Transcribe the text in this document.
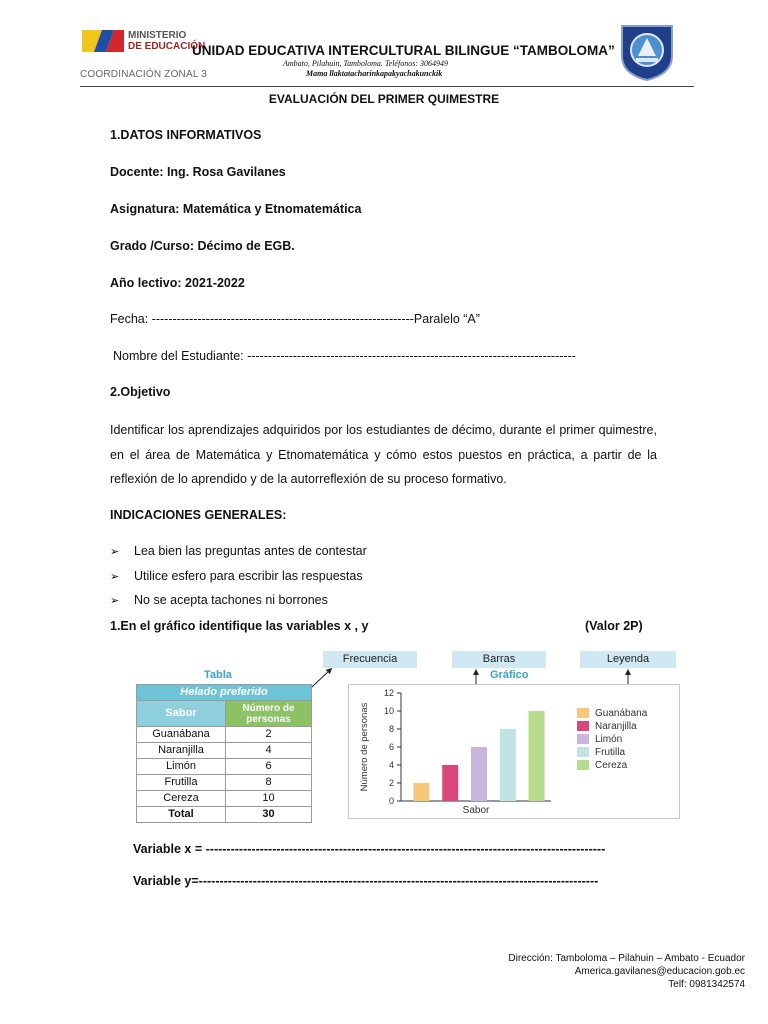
MINISTERIO
DE EDUCACIÓN
COORDINACIÓN ZONAL 3
UNIDAD EDUCATIVA INTERCULTURAL BILINGUE “TAMBOLOMA”
Ambato, Pilahuin, Tamboloma. Teléfonos: 3064949
Mama llaktatacharinkapakyachakunckik
EVALUACIÓN DEL PRIMER QUIMESTRE
1.DATOS INFORMATIVOS
Docente: Ing. Rosa Gavilanes
Asignatura: Matemática y Etnomatemática
Grado /Curso: Décimo de EGB.
Año lectivo: 2021-2022
Fecha: ---------------------------------------------------------------Paralelo “A”
Nombre del Estudiante: -------------------------------------------------------------------------------
2.Objetivo
Identificar los aprendizajes adquiridos por los estudiantes de décimo, durante el primer quimestre, en el área de Matemática y Etnomatemática y cómo estos puestos en práctica, a partir de la reflexión de lo aprendido y de la autorreflexión de su proceso formativo.
INDICACIONES GENERALES:
➢ Lea bien las preguntas antes de contestar
➢ Utilice esfero para escribir las respuestas
➢ No se acepta tachones ni borrones
1.En el gráfico identifique las variables x , y	(Valor 2P)
Frecuencia	Barras	Leyenda
Tabla	Gráfico
Helado preferido	
Sabor	Número de personas
Guanábana	2
Naranjilla	4
Limón	6
Frutilla	8
Cereza	10
Total	30
0
2
4
6
8
10
12
Sabor
Número de personas	Guanábana
Naranjilla
Limón
Frutilla
Cereza
Variable x = ------------------------------------------------------------------------------------------------
Variable y=------------------------------------------------------------------------------------------------
Dirección: Tamboloma – Pilahuin – Ambato - Ecuador
America.gavilanes@educacion.gob.ec
Telf: 0981342574
